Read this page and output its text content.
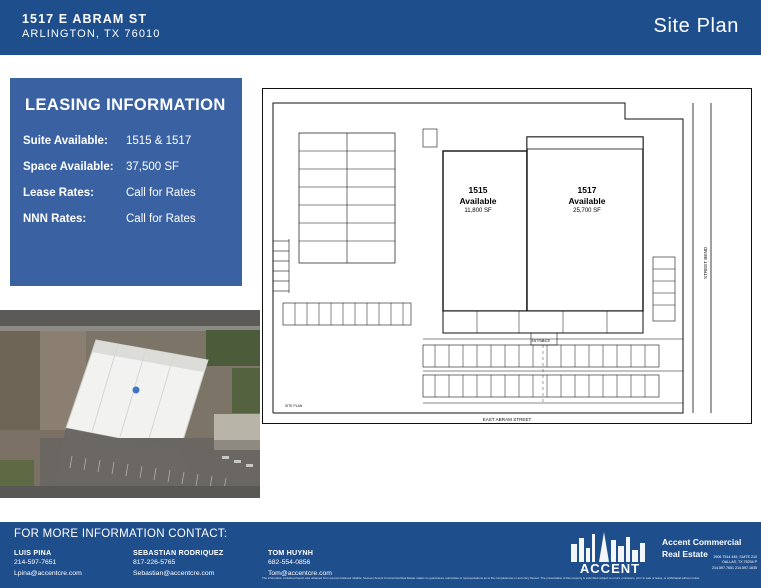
1517 E ABRAM ST
ARLINGTON, TX 76010	Site Plan
LEASING INFORMATION
Suite Available:	1515 & 1517
Space Available:	37,500 SF
Lease Rates:	Call for Rates
NNN Rates:	Call for Rates
EAST ABRAM STREET
STREET BEND
ENTRANCE
SITE PLAN
1515
Available
11,800 SF
1517
Available
25,700 SF
FOR MORE INFORMATION CONTACT:
LUIS PINA
214-597-7651
Lpina@accentcre.com
SEBASTIAN RODRIQUEZ
817-226-5765
Sebastian@accentcre.com
TOM HUYNH
682-554-0856
Tom@accentcre.com	ACCENT
Accent Commercial
Real Estate	2906 7514 445, SUITE 210 DALLAS, TX 75234 P 214.597.7651 214.597.1635
The information contained herein was obtained from sources believed reliable; however Accent Commercial Real Estate makes no guarantees, warranties or representations as to the completeness or accuracy thereof. The presentation of this property is submitted subject to errors, omissions, prior to sale or lease, or withdrawal without notice.
